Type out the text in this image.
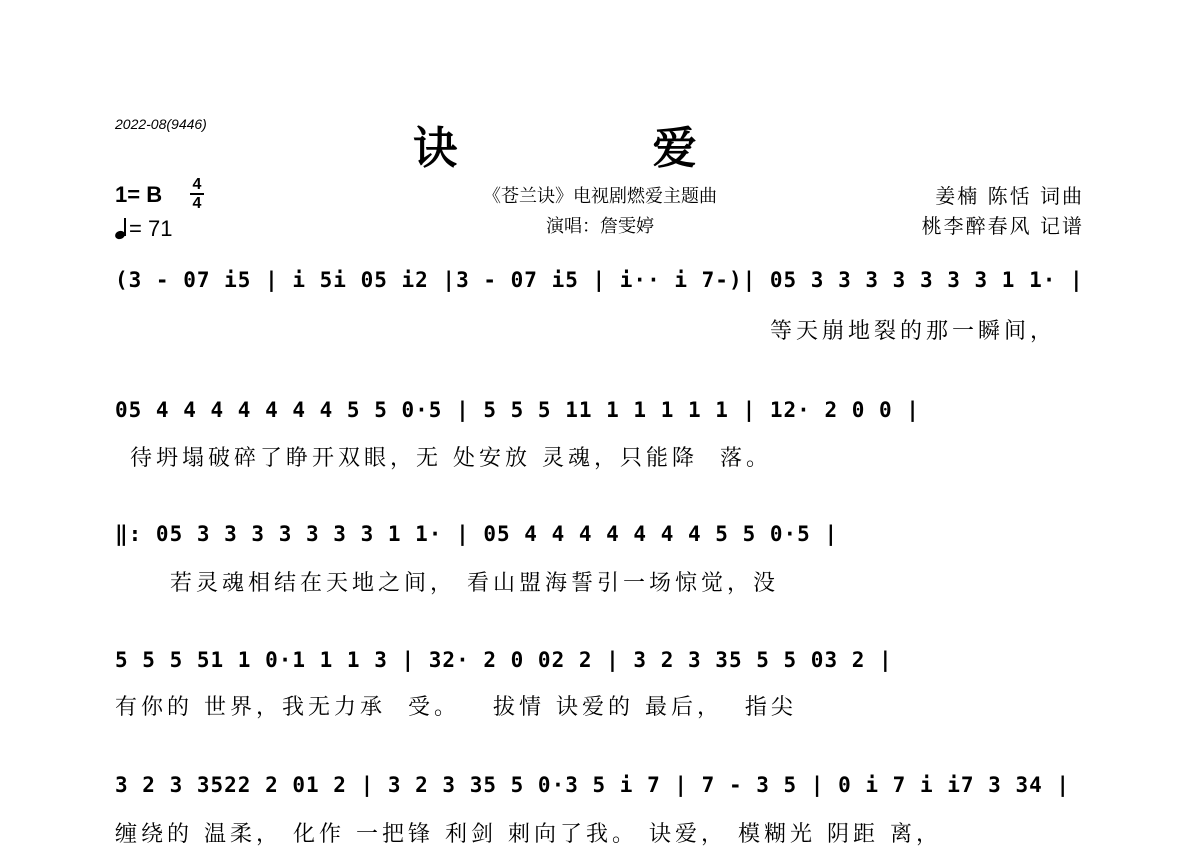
2022-08(9446)	诀 爱
《苍兰诀》电视剧燃爱主题曲
演唱：詹雯婷
姜楠 陈恬 词曲
桃李醉春风 记谱
1= B 4
4
= 71
(3 - 07 i5 | i 5i 05 i2 |3 - 07 i5 | i·· i 7-)| 05 3 3 3 3 3 3 3 1 1· |
等天崩地裂的那一瞬间，
05 4 4 4 4 4 4 4 5 5 0·5 | 5 5 5 11 1 1 1 1 1 | 12· 2 0 0 |
待坍塌破碎了睁开双眼，无 处安放 灵魂，只能降  落。
‖: 05 3 3 3 3 3 3 3 1 1· | 05 4 4 4 4 4 4 4 5 5 0·5 |
若灵魂相结在天地之间， 看山盟海誓引一场惊觉，没
5 5 5 51 1 0·1 1 1 3 | 32· 2 0 02 2 | 3 2 3 35 5 5 03 2 |
有你的 世界，我无力承  受。   拔情 诀爱的 最后，  指尖
3 2 3 3522 2 01 2 | 3 2 3 35 5 0·3 5 i 7 | 7 - 3 5 | 0 i 7 i i7 3 34 |
缠绕的 温柔， 化作 一把锋 利剑 刺向了我。 诀爱， 模糊光 阴距 离，
